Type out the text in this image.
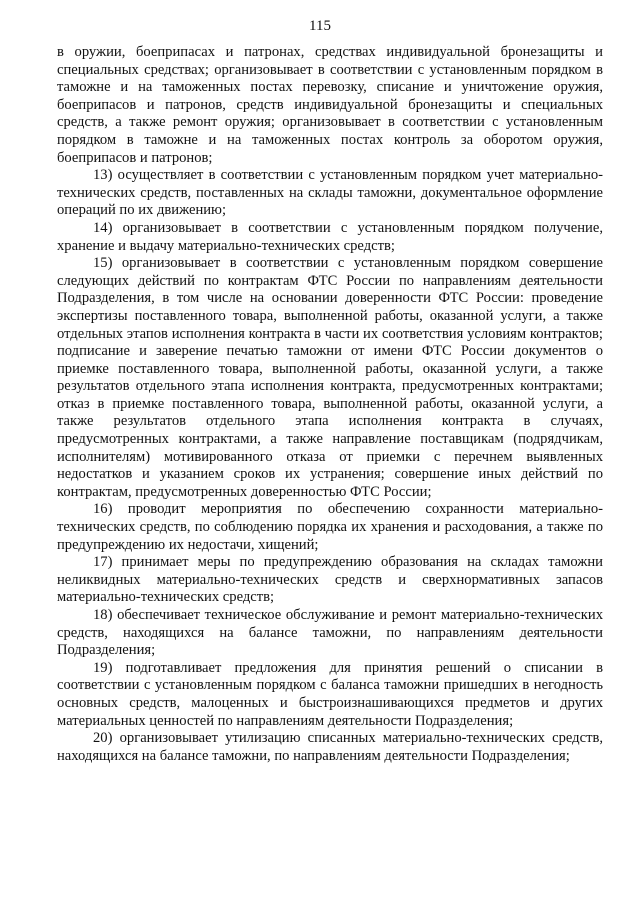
115

в оружии, боеприпасах и патронах, средствах индивидуальной бронезащиты и специальных средствах; организовывает в соответствии с установленным порядком в таможне и на таможенных постах перевозку, списание и уничтожение оружия, боеприпасов и патронов, средств индивидуальной бронезащиты и специальных средств, а также ремонт оружия; организовывает в соответствии с установленным порядком в таможне и на таможенных постах контроль за оборотом оружия, боеприпасов и патронов;

13) осуществляет в соответствии с установленным порядком учет материально-технических средств, поставленных на склады таможни, документальное оформление операций по их движению;

14) организовывает в соответствии с установленным порядком получение, хранение и выдачу материально-технических средств;

15) организовывает в соответствии с установленным порядком совершение следующих действий по контрактам ФТС России по направлениям деятельности Подразделения, в том числе на основании доверенности ФТС России: проведение экспертизы поставленного товара, выполненной работы, оказанной услуги, а также отдельных этапов исполнения контракта в части их соответствия условиям контрактов; подписание и заверение печатью таможни от имени ФТС России документов о приемке поставленного товара, выполненной работы, оказанной услуги, а также результатов отдельного этапа исполнения контракта, предусмотренных контрактами; отказ в приемке поставленного товара, выполненной работы, оказанной услуги, а также результатов отдельного этапа исполнения контракта в случаях, предусмотренных контрактами, а также направление поставщикам (подрядчикам, исполнителям) мотивированного отказа от приемки с перечнем выявленных недостатков и указанием сроков их устранения; совершение иных действий по контрактам, предусмотренных доверенностью ФТС России;

16) проводит мероприятия по обеспечению сохранности материально-технических средств, по соблюдению порядка их хранения и расходования, а также по предупреждению их недостачи, хищений;

17) принимает меры по предупреждению образования на складах таможни неликвидных материально-технических средств и сверхнормативных запасов материально-технических средств;

18) обеспечивает техническое обслуживание и ремонт материально-технических средств, находящихся на балансе таможни, по направлениям деятельности Подразделения;

19) подготавливает предложения для принятия решений о списании в соответствии с установленным порядком с баланса таможни пришедших в негодность основных средств, малоценных и быстроизнашивающихся предметов и других материальных ценностей по направлениям деятельности Подразделения;

20) организовывает утилизацию списанных материально-технических средств, находящихся на балансе таможни, по направлениям деятельности Подразделения;
